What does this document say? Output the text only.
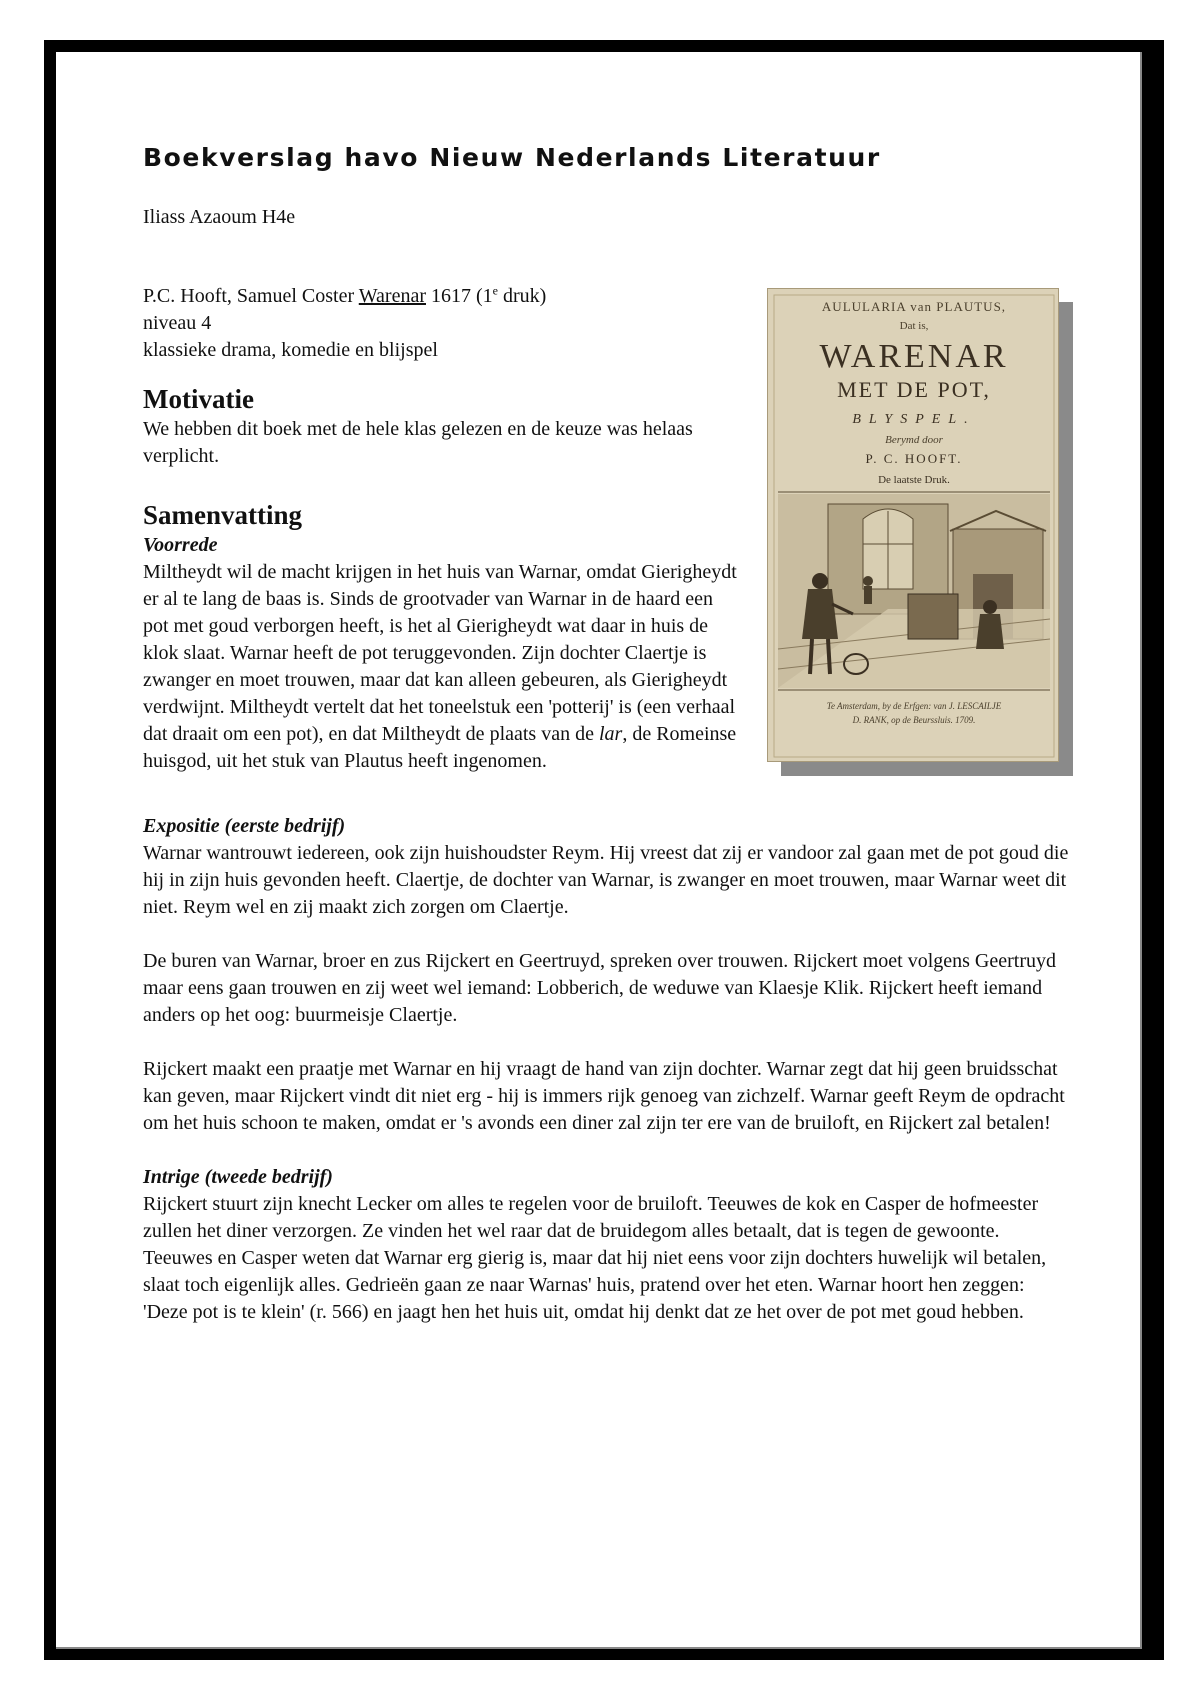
Boekverslag havo Nieuw Nederlands Literatuur

Iliass Azaoum H4e

AULULARIA van PLAUTUS,
Dat is,
WARENAR
MET DE POT,
BLYSPEL.
Berymd door
P. C. HOOFT.
De laatste Druk.
Te Amsterdam, by de Erfgen: van J. LESCAILJE
D. RANK, op de Beurssluis. 1709.

P.C. Hooft, Samuel Coster Warenar 1617 (1e druk)

niveau 4

klassieke drama, komedie en blijspel

Motivatie

We hebben dit boek met de hele klas gelezen en de keuze was helaas verplicht.

Samenvatting

Voorrede

Miltheydt wil de macht krijgen in het huis van Warnar, omdat Gierigheydt er al te lang de baas is. Sinds de grootvader van Warnar in de haard een pot met goud verborgen heeft, is het al Gierigheydt wat daar in huis de klok slaat. Warnar heeft de pot teruggevonden. Zijn dochter Claertje is zwanger en moet trouwen, maar dat kan alleen gebeuren, als Gierigheydt verdwijnt. Miltheydt vertelt dat het toneelstuk een 'potterij' is (een verhaal dat draait om een pot), en dat Miltheydt de plaats van de lar, de Romeinse huisgod, uit het stuk van Plautus heeft ingenomen.

Expositie (eerste bedrijf)

Warnar wantrouwt iedereen, ook zijn huishoudster Reym. Hij vreest dat zij er vandoor zal gaan met de pot goud die hij in zijn huis gevonden heeft. Claertje, de dochter van Warnar, is zwanger en moet trouwen, maar Warnar weet dit niet. Reym wel en zij maakt zich zorgen om Claertje.

De buren van Warnar, broer en zus Rijckert en Geertruyd, spreken over trouwen. Rijckert moet volgens Geertruyd maar eens gaan trouwen en zij weet wel iemand: Lobberich, de weduwe van Klaesje Klik. Rijckert heeft iemand anders op het oog: buurmeisje Claertje.

Rijckert maakt een praatje met Warnar en hij vraagt de hand van zijn dochter. Warnar zegt dat hij geen bruidsschat kan geven, maar Rijckert vindt dit niet erg - hij is immers rijk genoeg van zichzelf. Warnar geeft Reym de opdracht om het huis schoon te maken, omdat er 's avonds een diner zal zijn ter ere van de bruiloft, en Rijckert zal betalen!

Intrige (tweede bedrijf)

Rijckert stuurt zijn knecht Lecker om alles te regelen voor de bruiloft. Teeuwes de kok en Casper de hofmeester zullen het diner verzorgen. Ze vinden het wel raar dat de bruidegom alles betaalt, dat is tegen de gewoonte. Teeuwes en Casper weten dat Warnar erg gierig is, maar dat hij niet eens voor zijn dochters huwelijk wil betalen, slaat toch eigenlijk alles. Gedrieën gaan ze naar Warnas' huis, pratend over het eten. Warnar hoort hen zeggen: 'Deze pot is te klein' (r. 566) en jaagt hen het huis uit, omdat hij denkt dat ze het over de pot met goud hebben.
